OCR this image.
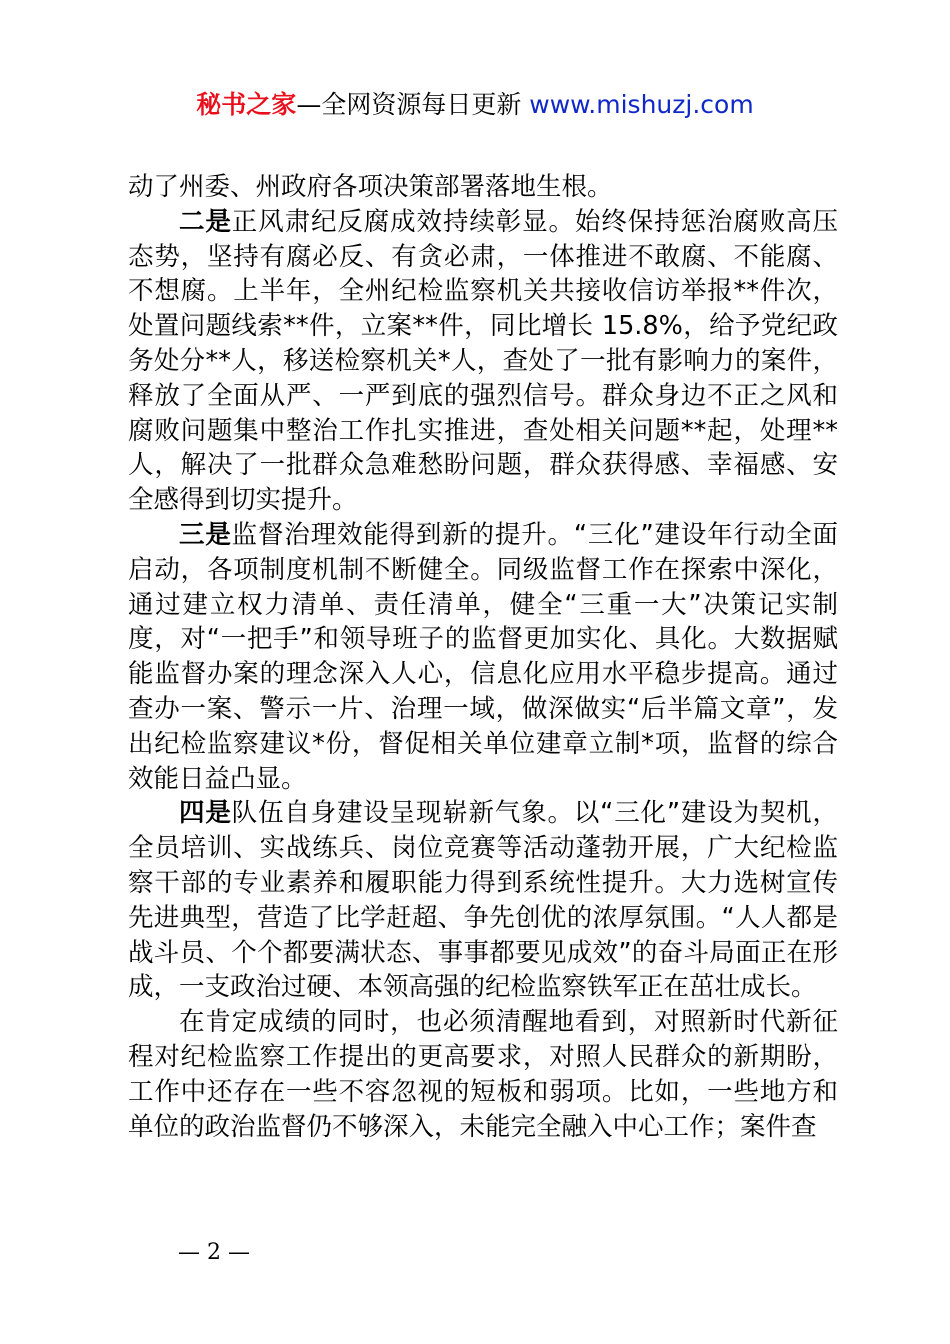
秘书之家—全网资源每日更新 www.mishuzj.com

动了州委、州政府各项决策部署落地生根。

二是正风肃纪反腐成效持续彰显。始终保持惩治腐败高压态势，坚持有腐必反、有贪必肃，一体推进不敢腐、不能腐、不想腐。上半年，全州纪检监察机关共接收信访举报**件次，处置问题线索**件，立案**件，同比增长 15.8%，给予党纪政务处分**人，移送检察机关*人，查处了一批有影响力的案件，释放了全面从严、一严到底的强烈信号。群众身边不正之风和腐败问题集中整治工作扎实推进，查处相关问题**起，处理**人，解决了一批群众急难愁盼问题，群众获得感、幸福感、安全感得到切实提升。

三是监督治理效能得到新的提升。“三化”建设年行动全面启动，各项制度机制不断健全。同级监督工作在探索中深化，通过建立权力清单、责任清单，健全“三重一大”决策记实制度，对“一把手”和领导班子的监督更加实化、具化。大数据赋能监督办案的理念深入人心，信息化应用水平稳步提高。通过查办一案、警示一片、治理一域，做深做实“后半篇文章”，发出纪检监察建议*份，督促相关单位建章立制*项，监督的综合效能日益凸显。

四是队伍自身建设呈现崭新气象。以“三化”建设为契机，全员培训、实战练兵、岗位竞赛等活动蓬勃开展，广大纪检监察干部的专业素养和履职能力得到系统性提升。大力选树宣传先进典型，营造了比学赶超、争先创优的浓厚氛围。“人人都是战斗员、个个都要满状态、事事都要见成效”的奋斗局面正在形成，一支政治过硬、本领高强的纪检监察铁军正在茁壮成长。

在肯定成绩的同时，也必须清醒地看到，对照新时代新征程对纪检监察工作提出的更高要求，对照人民群众的新期盼，工作中还存在一些不容忽视的短板和弱项。比如，一些地方和单位的政治监督仍不够深入，未能完全融入中心工作；案件查

— 2 —
